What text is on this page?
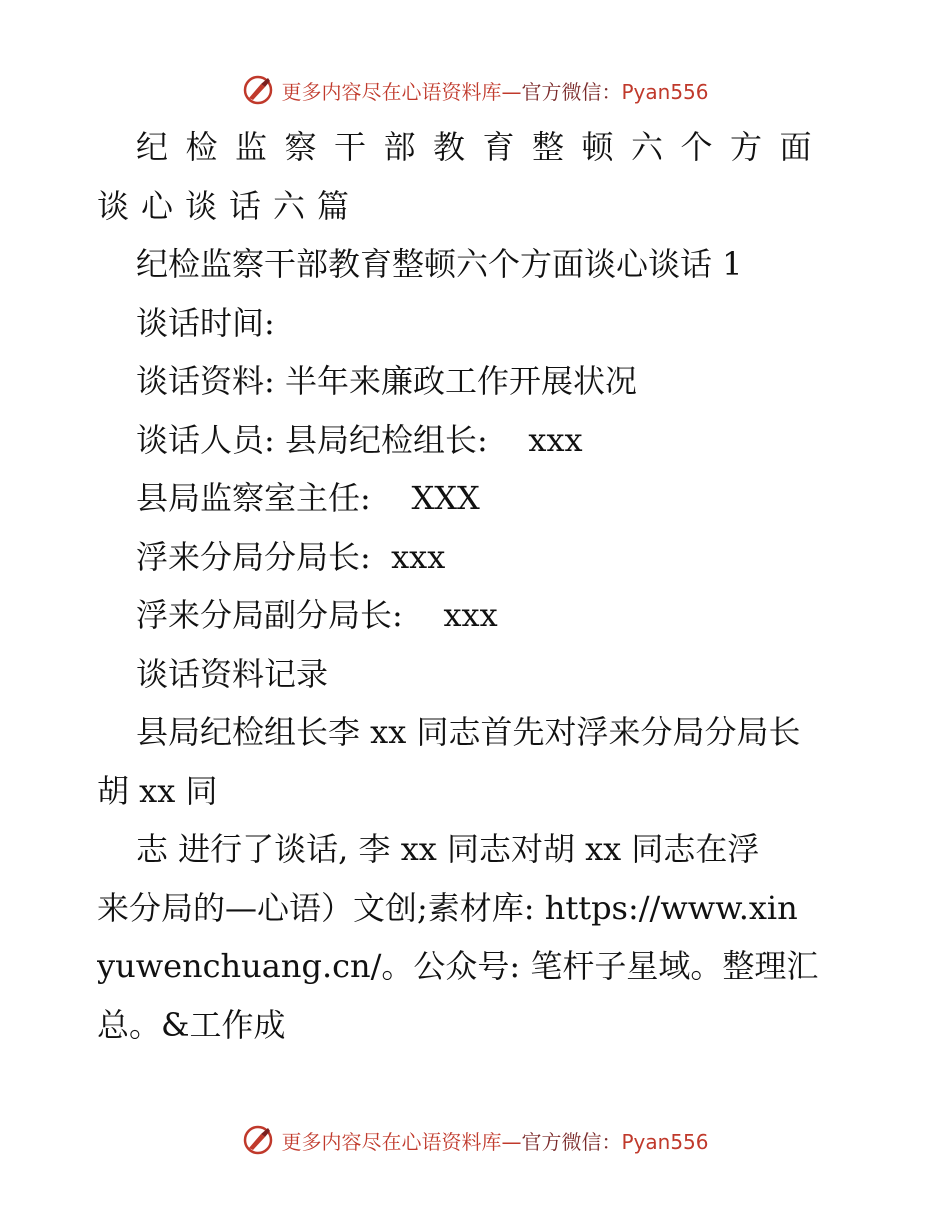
更多内容尽在心语资料库—官方微信：Pyan556
纪检监察干部教育整顿六个方面
谈心谈话六篇
纪检监察干部教育整顿六个方面谈心谈话 1
谈话时间:
谈话资料: 半年来廉政工作开展状况
谈话人员: 县局纪检组长:    xxx
县局监察室主任:    XXX
浮来分局分局长:  xxx
浮来分局副分局长:    xxx
谈话资料记录
县局纪检组长李 xx 同志首先对浮来分局分局长
胡 xx 同
志 进行了谈话, 李 xx 同志对胡 xx 同志在浮
来分局的—心语）文创;素材库: https://www.xin
yuwenchuang.cn/。公众号: 笔杆子星域。整理汇
总。&工作成
更多内容尽在心语资料库—官方微信：Pyan556
